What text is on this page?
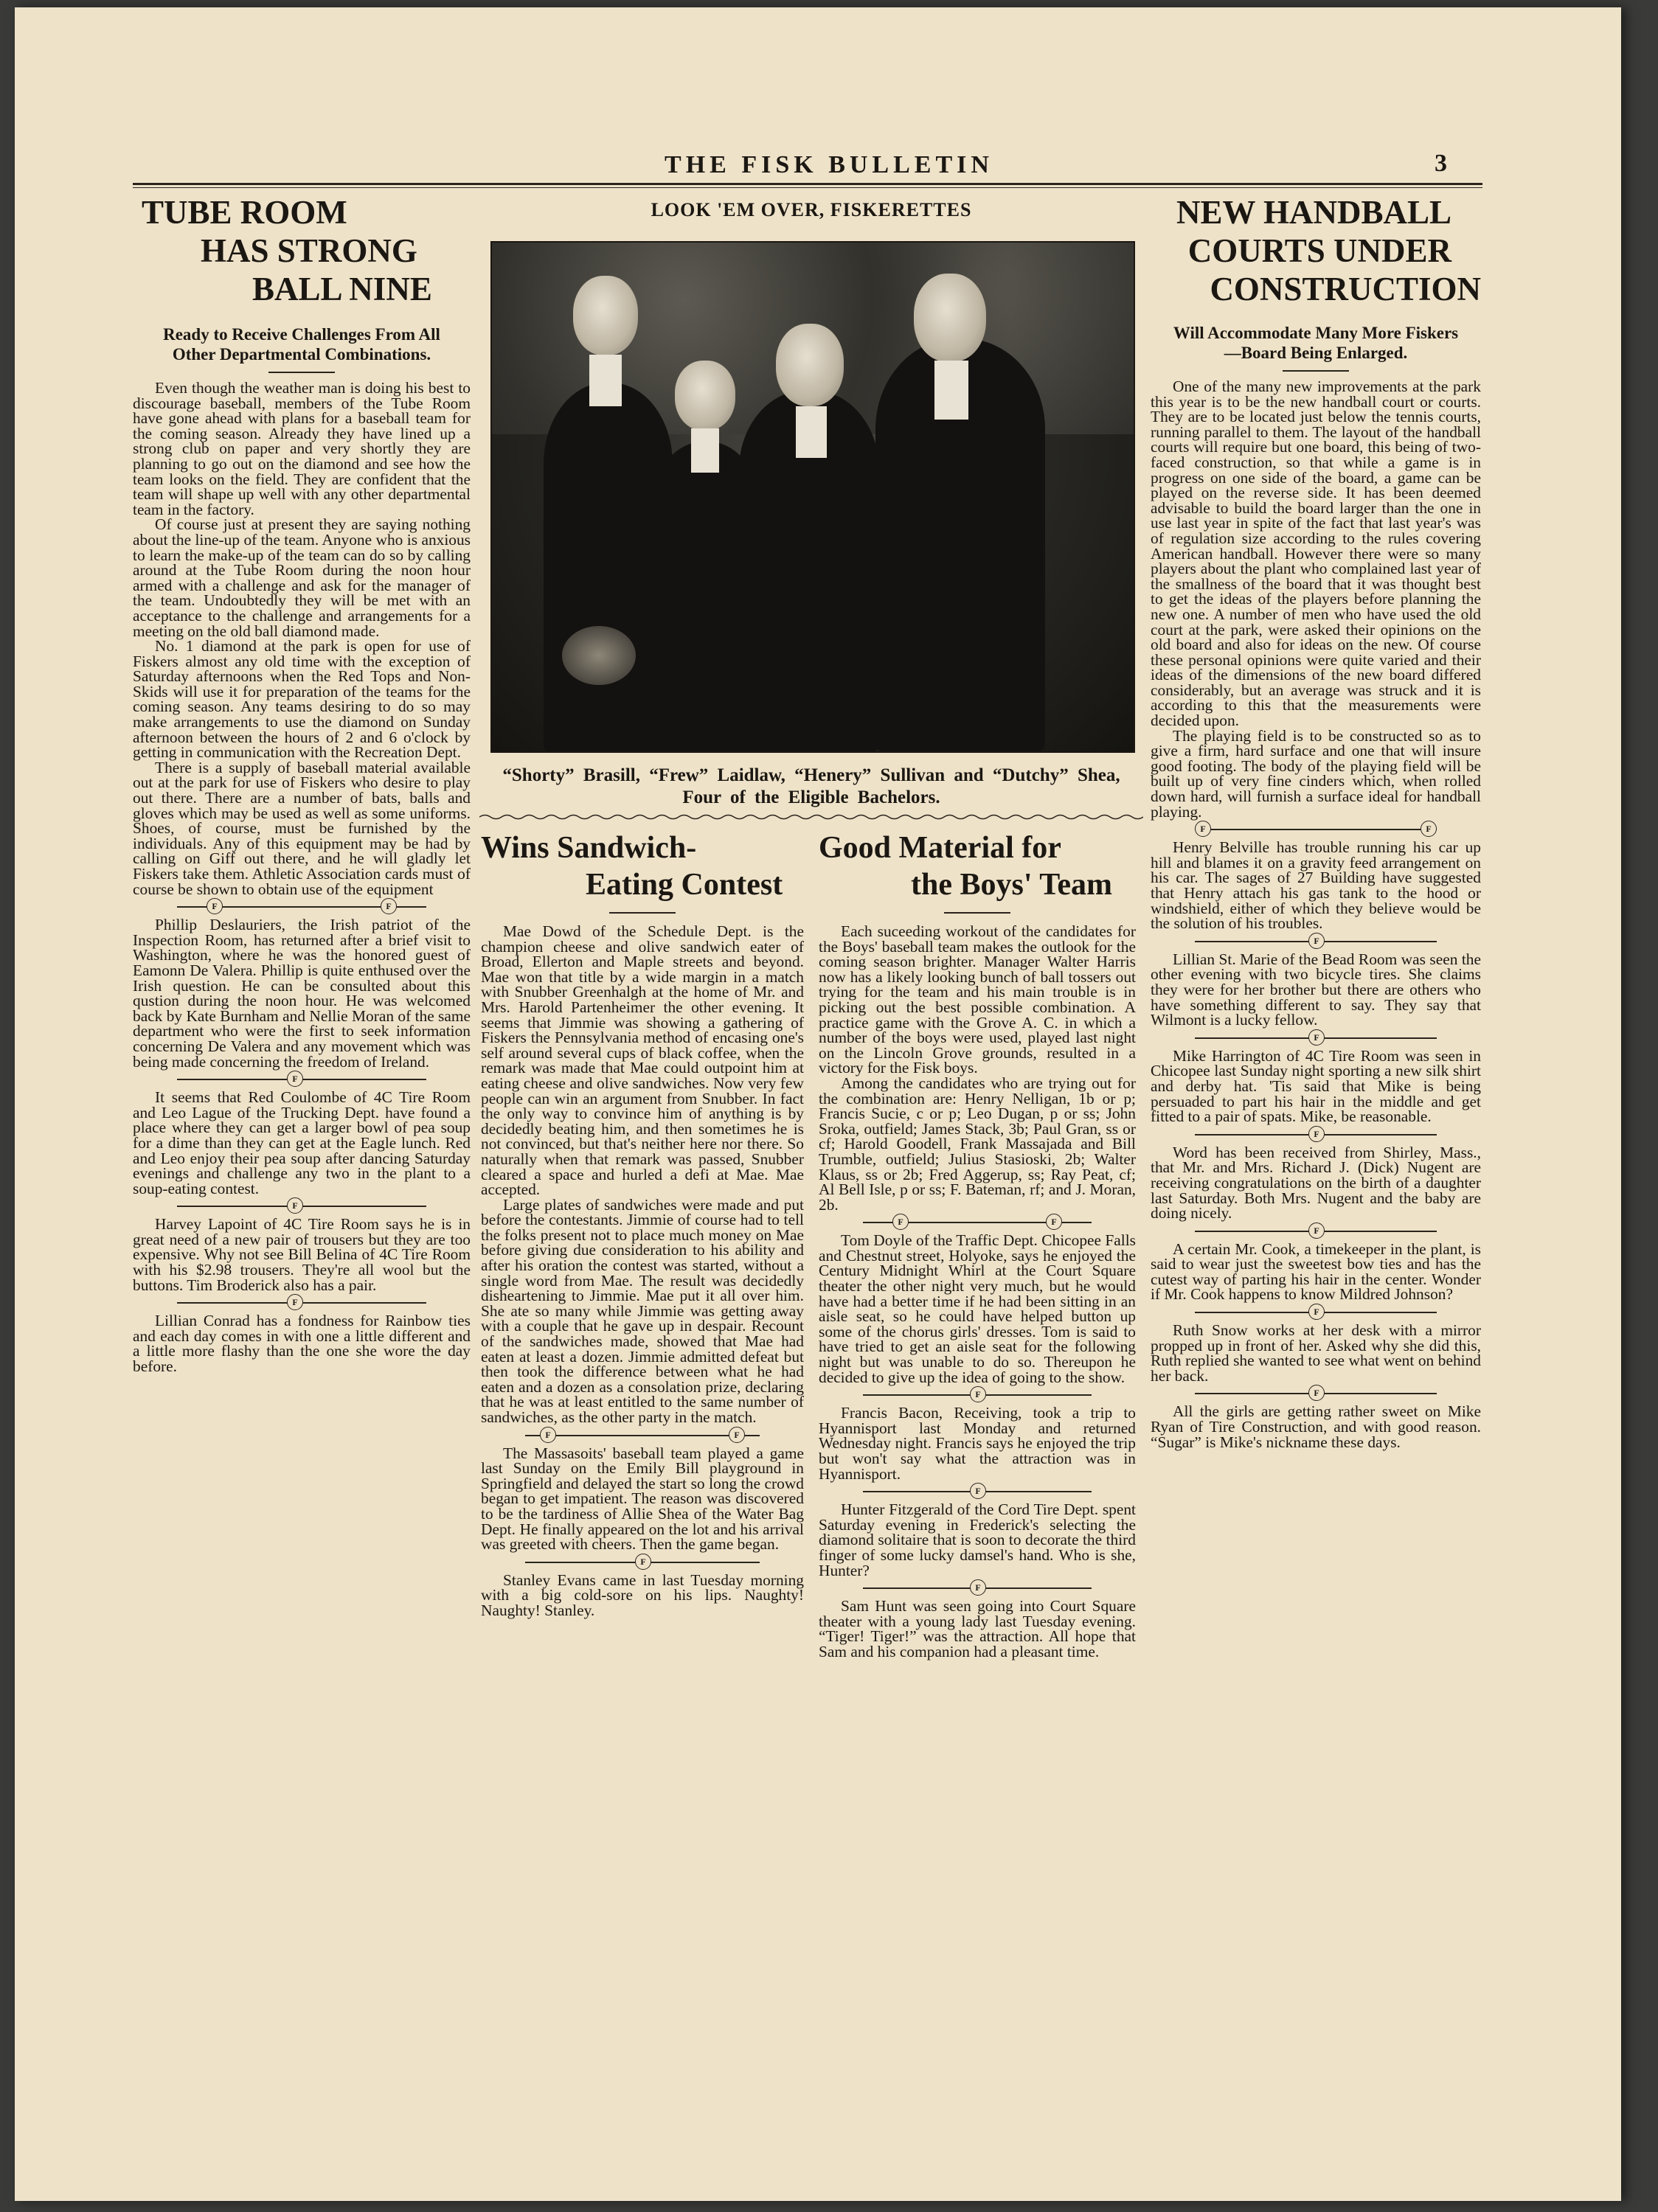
THE FISK BULLETIN	3
TUBE ROOM
HAS STRONG
BALL NINE
Ready to Receive Challenges From All Other Departmental Combinations.

Even though the weather man is doing his best to discourage baseball, members of the Tube Room have gone ahead with plans for a baseball team for the coming season. Already they have lined up a strong club on paper and very shortly they are planning to go out on the diamond and see how the team looks on the field. They are confident that the team will shape up well with any other departmental team in the factory.

Of course just at present they are saying nothing about the line-up of the team. Anyone who is anxious to learn the make-up of the team can do so by calling around at the Tube Room during the noon hour armed with a challenge and ask for the manager of the team. Undoubtedly they will be met with an acceptance to the challenge and arrangements for a meeting on the old ball diamond made.

No. 1 diamond at the park is open for use of Fiskers almost any old time with the exception of Saturday afternoons when the Red Tops and Non-Skids will use it for preparation of the teams for the coming season. Any teams desiring to do so may make arrangements to use the diamond on Sunday afternoon between the hours of 2 and 6 o'clock by getting in communication with the Recreation Dept.

There is a supply of baseball material available out at the park for use of Fiskers who desire to play out there. There are a number of bats, balls and gloves which may be used as well as some uniforms. Shoes, of course, must be furnished by the individuals. Any of this equipment may be had by calling on Giff out there, and he will gladly let Fiskers take them. Athletic Association cards must of course be shown to obtain use of the equipment

F	F

Phillip Deslauriers, the Irish patriot of the Inspection Room, has returned after a brief visit to Washington, where he was the honored guest of Eamonn De Valera. Phillip is quite enthused over the Irish question. He can be consulted about this qustion during the noon hour. He was welcomed back by Kate Burnham and Nellie Moran of the same department who were the first to seek information concerning De Valera and any movement which was being made concerning the freedom of Ireland.

F

It seems that Red Coulombe of 4C Tire Room and Leo Lague of the Trucking Dept. have found a place where they can get a larger bowl of pea soup for a dime than they can get at the Eagle lunch. Red and Leo enjoy their pea soup after dancing Saturday evenings and challenge any two in the plant to a soup-eating contest.

F

Harvey Lapoint of 4C Tire Room says he is in great need of a new pair of trousers but they are too expensive. Why not see Bill Belina of 4C Tire Room with his $2.98 trousers. They're all wool but the buttons. Tim Broderick also has a pair.

F

Lillian Conrad has a fondness for Rainbow ties and each day comes in with one a little different and a little more flashy than the one she wore the day before.

LOOK 'EM OVER, FISKERETTES
“Shorty” Brasill, “Frew” Laidlaw, “Henery” Sullivan and “Dutchy” Shea, Four of the Eligible Bachelors.
Wins Sandwich-
Eating Contest

Mae Dowd of the Schedule Dept. is the champion cheese and olive sandwich eater of Broad, Ellerton and Maple streets and beyond. Mae won that title by a wide margin in a match with Snubber Greenhalgh at the home of Mr. and Mrs. Harold Partenheimer the other evening. It seems that Jimmie was showing a gathering of Fiskers the Pennsylvania method of encasing one's self around several cups of black coffee, when the remark was made that Mae could outpoint him at eating cheese and olive sandwiches. Now very few people can win an argument from Snubber. In fact the only way to convince him of anything is by decidedly beating him, and then sometimes he is not convinced, but that's neither here nor there. So naturally when that remark was passed, Snubber cleared a space and hurled a defi at Mae. Mae accepted.

Large plates of sandwiches were made and put before the contestants. Jimmie of course had to tell the folks present not to place much money on Mae before giving due consideration to his ability and after his oration the contest was started, without a single word from Mae. The result was decidedly disheartening to Jimmie. Mae put it all over him. She ate so many while Jimmie was getting away with a couple that he gave up in despair. Recount of the sandwiches made, showed that Mae had eaten at least a dozen. Jimmie admitted defeat but then took the difference between what he had eaten and a dozen as a consolation prize, declaring that he was at least entitled to the same number of sandwiches, as the other party in the match.

F	F

The Massasoits' baseball team played a game last Sunday on the Emily Bill playground in Springfield and delayed the start so long the crowd began to get impatient. The reason was discovered to be the tardiness of Allie Shea of the Water Bag Dept. He finally appeared on the lot and his arrival was greeted with cheers. Then the game began.

F

Stanley Evans came in last Tuesday morning with a big cold-sore on his lips. Naughty! Naughty! Stanley.

Good Material for
the Boys' Team

Each suceeding workout of the candidates for the Boys' baseball team makes the outlook for the coming season brighter. Manager Walter Harris now has a likely looking bunch of ball tossers out trying for the team and his main trouble is in picking out the best possible combination. A practice game with the Grove A. C. in which a number of the boys were used, played last night on the Lincoln Grove grounds, resulted in a victory for the Fisk boys.

Among the candidates who are trying out for the combination are: Henry Nelligan, 1b or p; Francis Sucie, c or p; Leo Dugan, p or ss; John Sroka, outfield; James Stack, 3b; Paul Gran, ss or cf; Harold Goodell, Frank Massajada and Bill Trumble, outfield; Julius Stasioski, 2b; Walter Klaus, ss or 2b; Fred Aggerup, ss; Ray Peat, cf; Al Bell Isle, p or ss; F. Bateman, rf; and J. Moran, 2b.

F	F

Tom Doyle of the Traffic Dept. Chicopee Falls and Chestnut street, Holyoke, says he enjoyed the Century Midnight Whirl at the Court Square theater the other night very much, but he would have had a better time if he had been sitting in an aisle seat, so he could have helped button up some of the chorus girls' dresses. Tom is said to have tried to get an aisle seat for the following night but was unable to do so. Thereupon he decided to give up the idea of going to the show.

F

Francis Bacon, Receiving, took a trip to Hyannisport last Monday and returned Wednesday night. Francis says he enjoyed the trip but won't say what the attraction was in Hyannisport.

F

Hunter Fitzgerald of the Cord Tire Dept. spent Saturday evening in Frederick's selecting the diamond solitaire that is soon to decorate the third finger of some lucky damsel's hand. Who is she, Hunter?

F

Sam Hunt was seen going into Court Square theater with a young lady last Tuesday evening. “Tiger! Tiger!” was the attraction. All hope that Sam and his companion had a pleasant time.

NEW HANDBALL
COURTS UNDER
CONSTRUCTION
Will Accommodate Many More Fiskers—Board Being Enlarged.

One of the many new improvements at the park this year is to be the new handball court or courts. They are to be located just below the tennis courts, running parallel to them. The layout of the handball courts will require but one board, this being of two-faced construction, so that while a game is in progress on one side of the board, a game can be played on the reverse side. It has been deemed advisable to build the board larger than the one in use last year in spite of the fact that last year's was of regulation size according to the rules covering American handball. However there were so many players about the plant who complained last year of the smallness of the board that it was thought best to get the ideas of the players before planning the new one. A number of men who have used the old court at the park, were asked their opinions on the old board and also for ideas on the new. Of course these personal opinions were quite varied and their ideas of the dimensions of the new board differed considerably, but an average was struck and it is according to this that the measurements were decided upon.

The playing field is to be constructed so as to give a firm, hard surface and one that will insure good footing. The body of the playing field will be built up of very fine cinders which, when rolled down hard, will furnish a surface ideal for handball playing.

F	F

Henry Belville has trouble running his car up hill and blames it on a gravity feed arrangement on his car. The sages of 27 Building have suggested that Henry attach his gas tank to the hood or windshield, either of which they believe would be the solution of his troubles.

F

Lillian St. Marie of the Bead Room was seen the other evening with two bicycle tires. She claims they were for her brother but there are others who have something different to say. They say that Wilmont is a lucky fellow.

F

Mike Harrington of 4C Tire Room was seen in Chicopee last Sunday night sporting a new silk shirt and derby hat. 'Tis said that Mike is being persuaded to part his hair in the middle and get fitted to a pair of spats. Mike, be reasonable.

F

Word has been received from Shirley, Mass., that Mr. and Mrs. Richard J. (Dick) Nugent are receiving congratulations on the birth of a daughter last Saturday. Both Mrs. Nugent and the baby are doing nicely.

F

A certain Mr. Cook, a timekeeper in the plant, is said to wear just the sweetest bow ties and has the cutest way of parting his hair in the center. Wonder if Mr. Cook happens to know Mildred Johnson?

F

Ruth Snow works at her desk with a mirror propped up in front of her. Asked why she did this, Ruth replied she wanted to see what went on behind her back.

F

All the girls are getting rather sweet on Mike Ryan of Tire Construction, and with good reason. “Sugar” is Mike's nickname these days.
